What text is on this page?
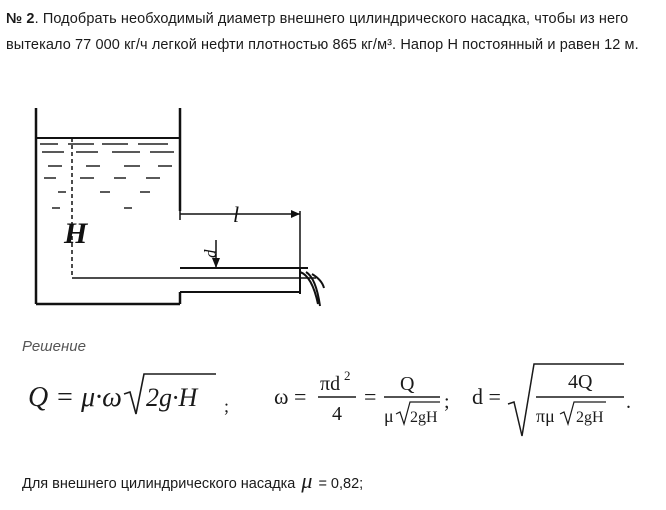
№ 2. Подобрать необходимый диаметр внешнего цилиндрического насадка, чтобы из него вытекало 77 000 кг/ч легкой нефти плотностью 865 кг/м³. Напор Н постоянный и равен 12 м.
H
l
d
Решение
Q = μ·ω 2g·H ; ω = πd 2
4
= Q
μ 2gH
; d =
4Q
πμ 2gH
.
Для внешнего цилиндрического насадка μ = 0,82;
